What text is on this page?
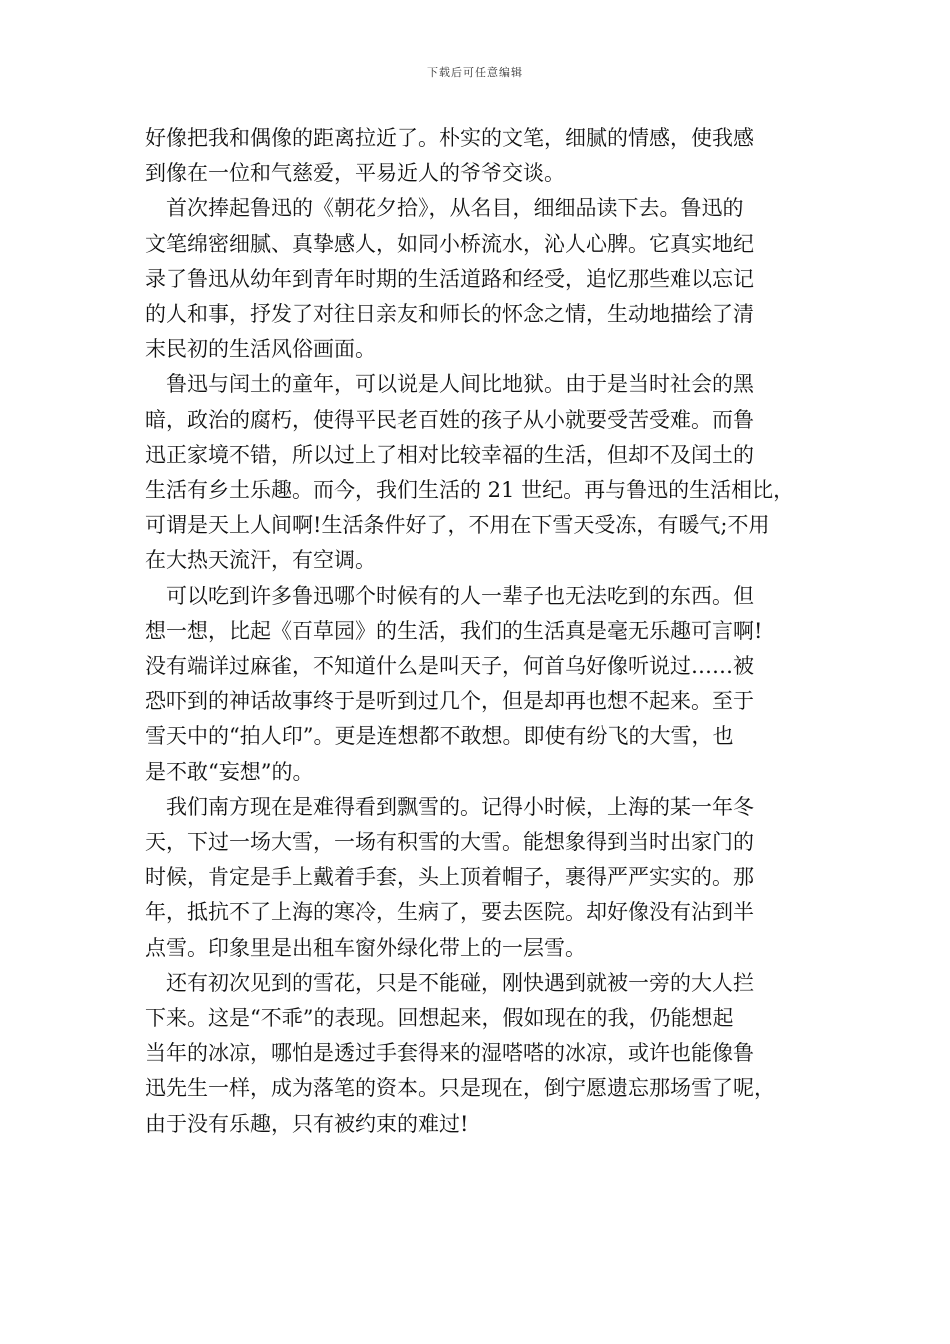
下载后可任意编辑

好像把我和偶像的距离拉近了。朴实的文笔，细腻的情感，使我感
到像在一位和气慈爱，平易近人的爷爷交谈。

首次捧起鲁迅的《朝花夕拾》，从名目，细细品读下去。鲁迅的
文笔绵密细腻、真挚感人，如同小桥流水，沁人心脾。它真实地纪
录了鲁迅从幼年到青年时期的生活道路和经受，追忆那些难以忘记
的人和事，抒发了对往日亲友和师长的怀念之情，生动地描绘了清
末民初的生活风俗画面。

鲁迅与闰土的童年，可以说是人间比地狱。由于是当时社会的黑
暗，政治的腐朽，使得平民老百姓的孩子从小就要受苦受难。而鲁
迅正家境不错，所以过上了相对比较幸福的生活，但却不及闰土的
生活有乡土乐趣。而今，我们生活的 21 世纪。再与鲁迅的生活相比，
可谓是天上人间啊!生活条件好了，不用在下雪天受冻，有暖气;不用
在大热天流汗，有空调。

可以吃到许多鲁迅哪个时候有的人一辈子也无法吃到的东西。但
想一想，比起《百草园》的生活，我们的生活真是毫无乐趣可言啊!
没有端详过麻雀，不知道什么是叫天子，何首乌好像听说过……被
恐吓到的神话故事终于是听到过几个，但是却再也想不起来。至于
雪天中的“拍人印”。更是连想都不敢想。即使有纷飞的大雪，也
是不敢“妄想”的。

我们南方现在是难得看到飘雪的。记得小时候，上海的某一年冬
天，下过一场大雪，一场有积雪的大雪。能想象得到当时出家门的
时候，肯定是手上戴着手套，头上顶着帽子，裹得严严实实的。那
年，抵抗不了上海的寒冷，生病了，要去医院。却好像没有沾到半
点雪。印象里是出租车窗外绿化带上的一层雪。

还有初次见到的雪花，只是不能碰，刚快遇到就被一旁的大人拦
下来。这是“不乖”的表现。回想起来，假如现在的我，仍能想起
当年的冰凉，哪怕是透过手套得来的湿嗒嗒的冰凉，或许也能像鲁
迅先生一样，成为落笔的资本。只是现在，倒宁愿遗忘那场雪了呢，
由于没有乐趣，只有被约束的难过!
